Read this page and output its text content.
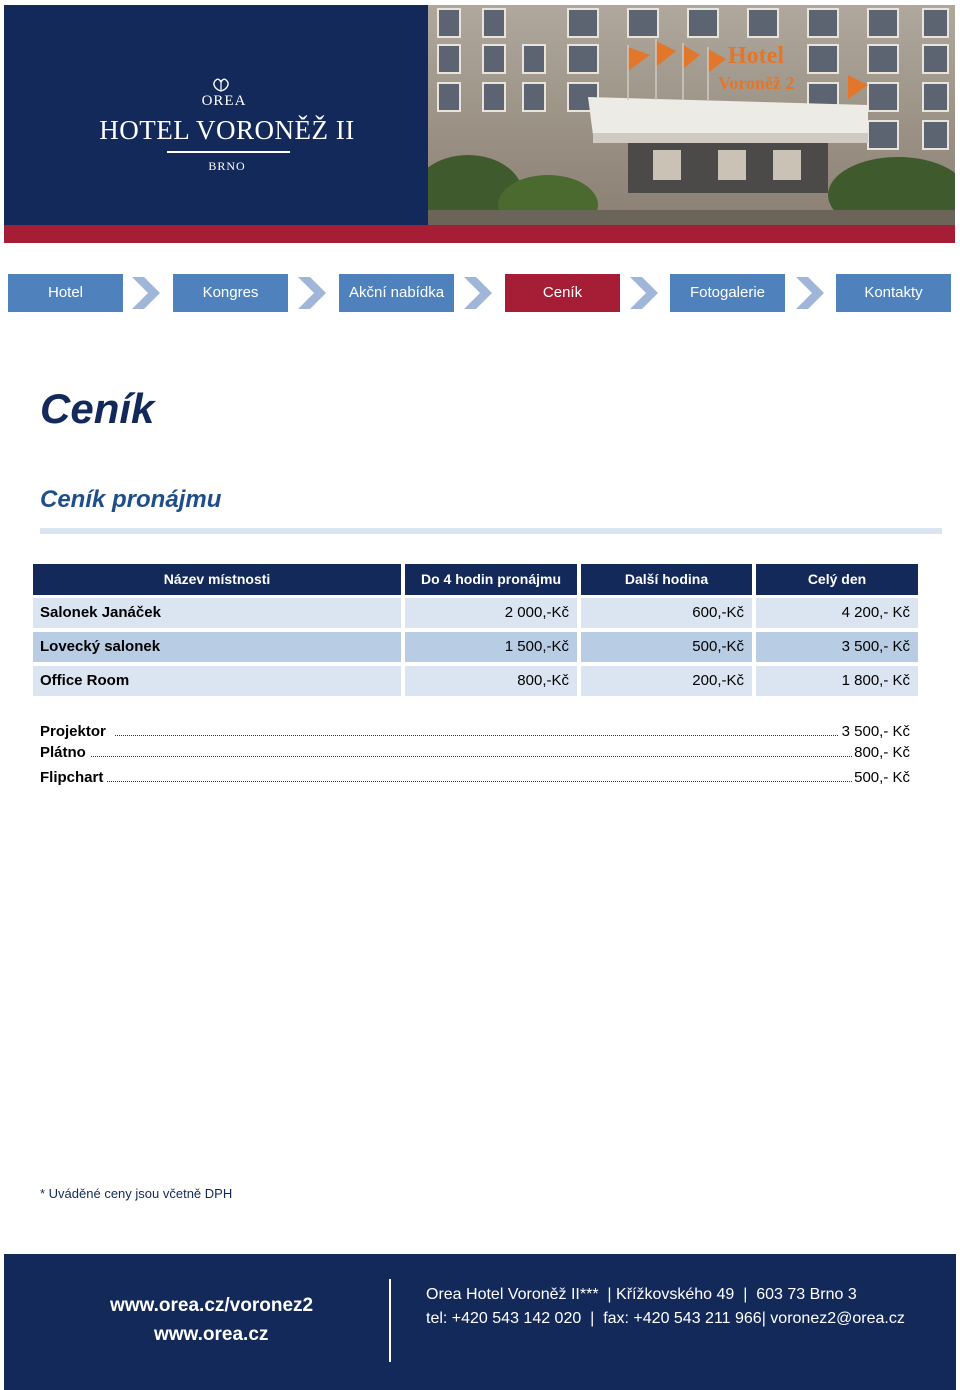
Hotel
Voroněž 2
OREA
HOTEL VORONĚŽ II
BRNO
Hotel	Kongres	Akční nabídka	Ceník	Fotogalerie	Kontakty
Ceník
Ceník pronájmu
Název místnosti	Do 4 hodin pronájmu	Další hodina	Celý den
Salonek Janáček	2 000,-Kč	600,-Kč	4 200,- Kč
Lovecký salonek	1 500,-Kč	500,-Kč	3 500,- Kč
Office Room	800,-Kč	200,-Kč	1 800,- Kč
Projektor	3 500,- Kč
Plátno	800,- Kč
Flipchart	500,- Kč
* Uváděné ceny jsou včetně DPH
www.orea.cz/voronez2
www.orea.cz
Orea Hotel Voroněž II***  | Křížkovského 49  |  603 73 Brno 3
tel: +420 543 142 020  |  fax: +420 543 211 966| voronez2@orea.cz
